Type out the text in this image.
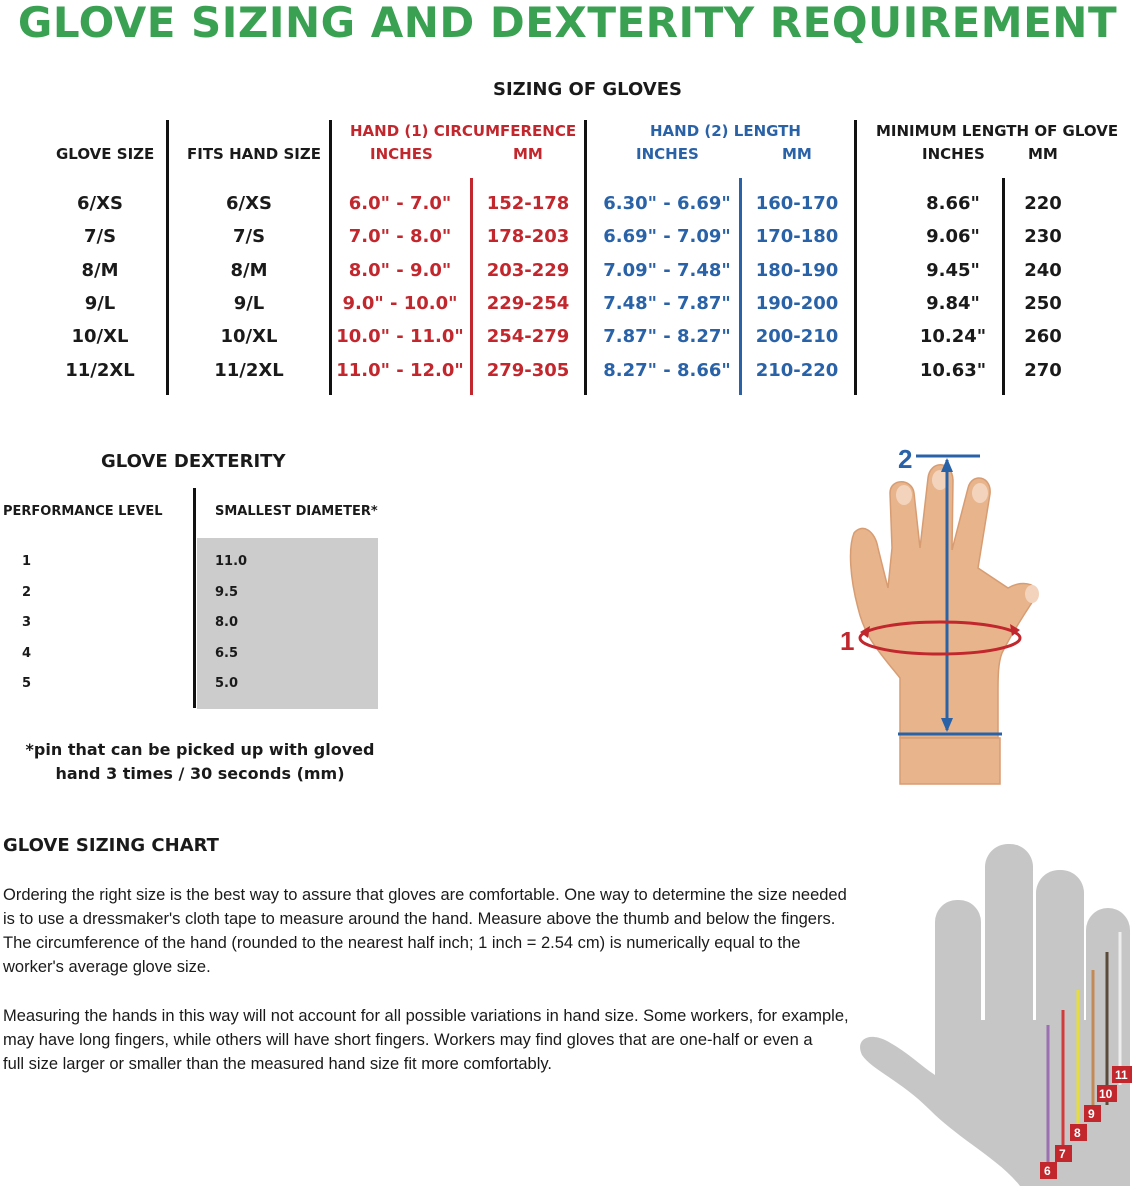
GLOVE SIZING AND DEXTERITY REQUIREMENT
SIZING OF GLOVES
GLOVE SIZE FITS HAND SIZE
HAND (1) CIRCUMFERENCE
INCHES	MM
HAND (2) LENGTH
INCHES	MM
MINIMUM LENGTH OF GLOVE
INCHES	MM
6/XS	6/XS	6.0" - 7.0"	152-178	6.30" - 6.69"	160-170	8.66"	220
7/S	7/S	7.0" - 8.0"	178-203	6.69" - 7.09"	170-180	9.06"	230
8/M	8/M	8.0" - 9.0"	203-229	7.09" - 7.48"	180-190	9.45"	240
9/L	9/L	9.0" - 10.0"	229-254	7.48" - 7.87"	190-200	9.84"	250
10/XL	10/XL	10.0" - 11.0"	254-279	7.87" - 8.27"	200-210	10.24"	260
11/2XL	11/2XL	11.0" - 12.0"	279-305	8.27" - 8.66"	210-220	10.63"	270
GLOVE DEXTERITY
PERFORMANCE LEVEL	SMALLEST DIAMETER*
1	11.0
2	9.5
3	8.0
4	6.5
5	5.0
*pin that can be picked up with gloved
hand 3 times / 30 seconds (mm)
2
1
GLOVE SIZING CHART
Ordering the right size is the best way to assure that gloves are comfortable. One way to determine the size needed
is to use a dressmaker's cloth tape to measure around the hand. Measure above the thumb and below the fingers.
The circumference of the hand (rounded to the nearest half inch; 1 inch = 2.54 cm) is numerically equal to the
worker's average glove size.
Measuring the hands in this way will not account for all possible variations in hand size. Some workers, for example,
may have long fingers, while others will have short fingers. Workers may find gloves that are one-half or even a
full size larger or smaller than the measured hand size fit more comfortably.
6
7
8
9
10
11
